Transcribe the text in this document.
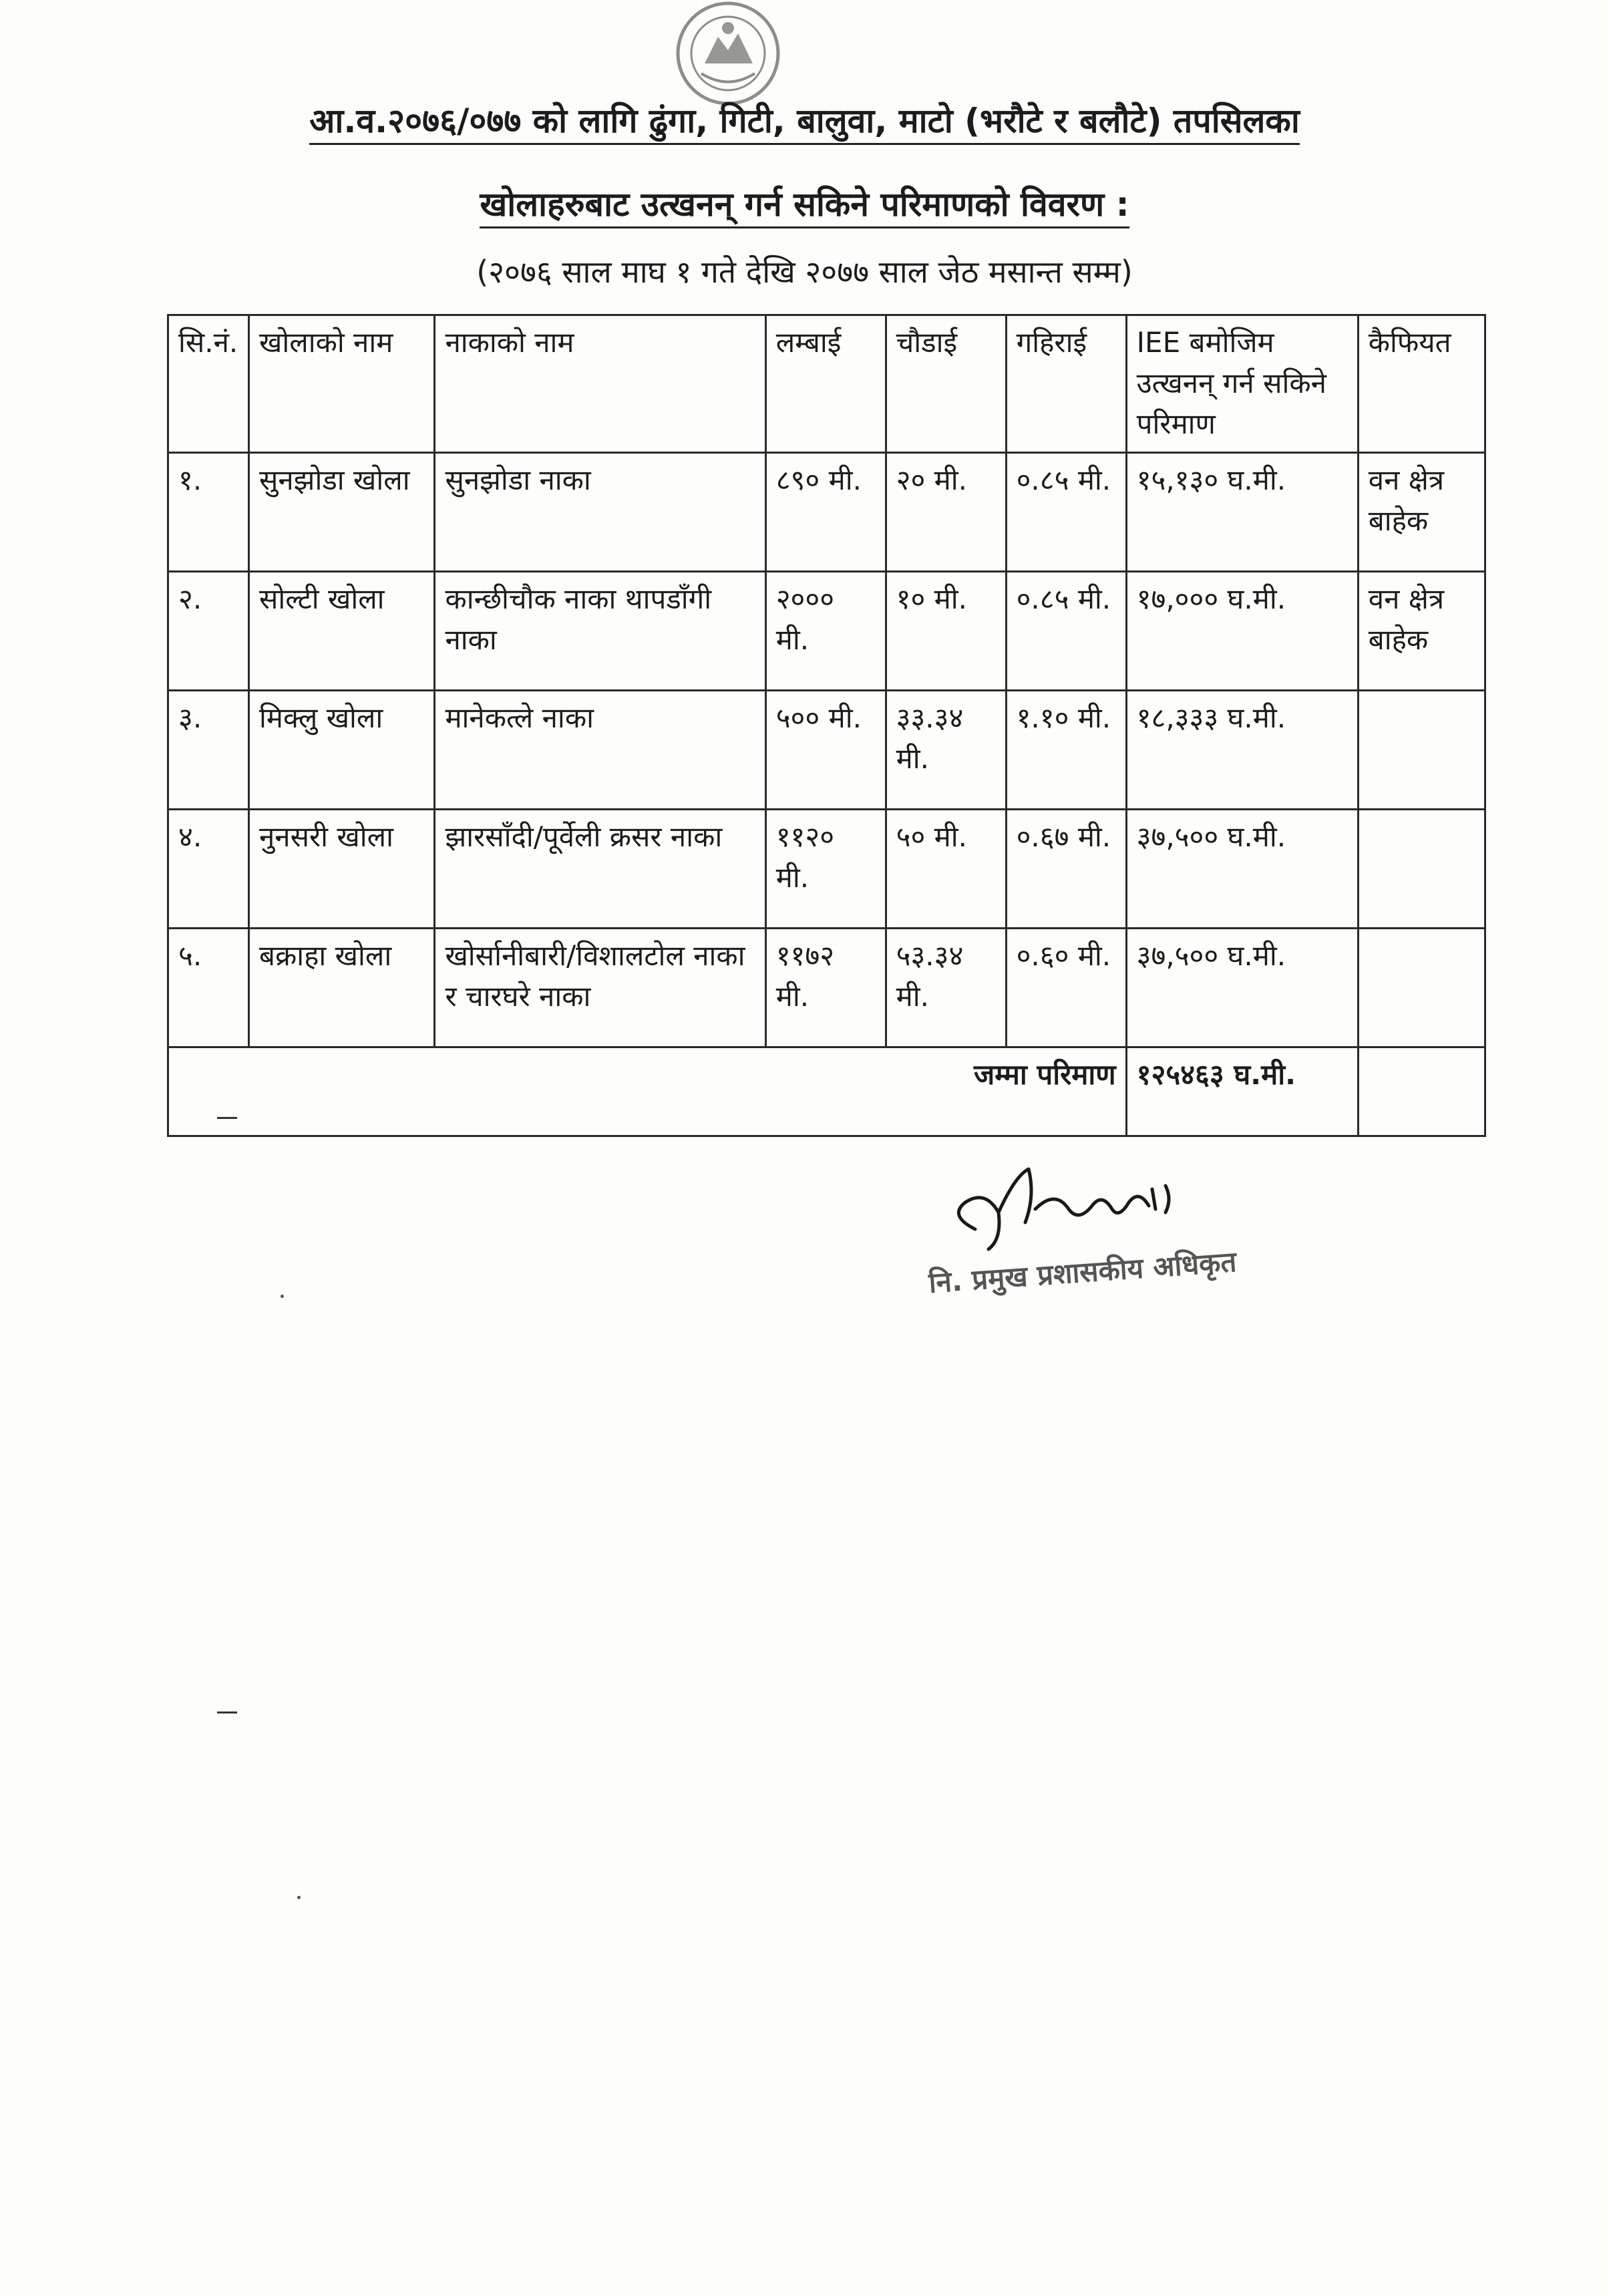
आ.व.२०७६/०७७ को लागि ढुंगा, गिटी, बालुवा, माटो (भरौटे र बलौटे) तपसिलका
खोलाहरुबाट उत्खनन् गर्न सकिने परिमाणको विवरण :
(२०७६ साल माघ १ गते देखि २०७७ साल जेठ मसान्त सम्म)
सि.नं.	खोलाको नाम	नाकाको नाम	लम्बाई	चौडाई	गहिराई	IEE बमोजिम उत्खनन् गर्न सकिने परिमाण	कैफियत
१.	सुनझोडा खोला	सुनझोडा नाका	८९० मी.	२० मी.	०.८५ मी.	१५,१३० घ.मी.	वन क्षेत्र बाहेक
२.	सोल्टी खोला	कान्छीचौक नाका थापडाँगी नाका	२००० मी.	१० मी.	०.८५ मी.	१७,००० घ.मी.	वन क्षेत्र बाहेक
३.	मिक्लु खोला	मानेकत्ले नाका	५०० मी.	३३.३४ मी.	१.१० मी.	१८,३३३ घ.मी.	
४.	नुनसरी खोला	झारसाँदी/पूर्वेली क्रसर नाका	११२० मी.	५० मी.	०.६७ मी.	३७,५०० घ.मी.	
५.	बक्राहा खोला	खोर्सानीबारी/विशालटोल नाका र चारघरे नाका	११७२ मी.	५३.३४ मी.	०.६० मी.	३७,५०० घ.मी.	
जम्मा परिमाण						१२५४६३ घ.मी.	
नि. प्रमुख प्रशासकीय अधिकृत
